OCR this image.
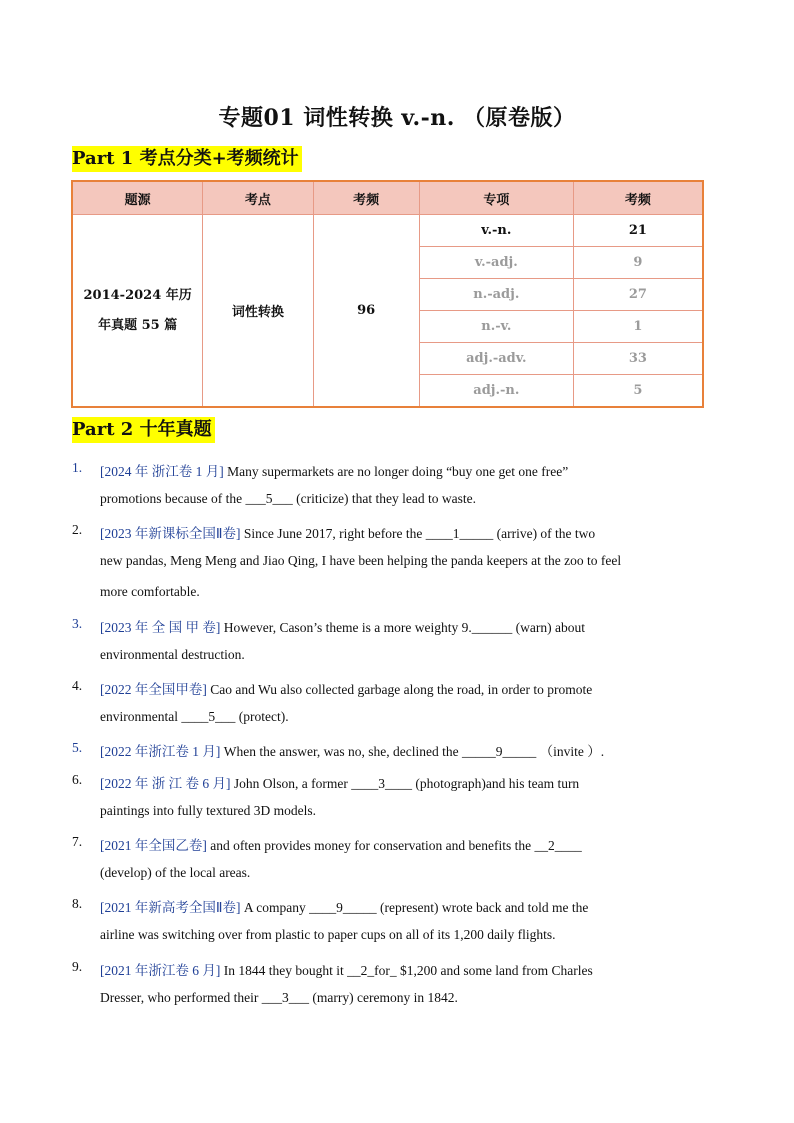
专题01 词性转换 v.-n. （原卷版）
Part 1 考点分类+考频统计
题源	考点	考频	专项	考频

2014-2024 年历
年真题 55 篇	词性转换	96	v.-n.	21
			v.-adj.	9
			n.-adj.	27
			n.-v.	1
			adj.-adv.	33
			adj.-n.	5
Part 2 十年真题
1.	[2024 年 浙江卷 1 月] Many supermarkets are no longer doing “buy one get one free”
promotions because of the ___5___ (criticize) that they lead to waste.
2.	[2023 年新课标全国Ⅱ卷] Since June 2017, right before the ____1_____ (arrive) of the two
new pandas, Meng Meng and Jiao Qing, I have been helping the panda keepers at the zoo to feel
more comfortable.
3.	[2023 年 全 国 甲 卷] However, Cason’s theme is a more weighty 9.______ (warn) about
environmental destruction.
4.	[2022 年全国甲卷] Cao and Wu also collected garbage along the road, in order to promote
environmental ____5___ (protect).
5.	[2022 年浙江卷 1 月] When the answer, was no, she, declined the _____9_____ （invite ）.
6.	[2022 年 浙 江 卷 6 月] John Olson, a former ____3____ (photograph)and his team turn
paintings into fully textured 3D models.
7.	[2021 年全国乙卷] and often provides money for conservation and benefits the __2____
(develop) of the local areas.
8.	[2021 年新高考全国Ⅱ卷] A company ____9_____ (represent) wrote back and told me the
airline was switching over from plastic to paper cups on all of its 1,200 daily flights.
9.	[2021 年浙江卷 6 月] In 1844 they bought it __2_for_ $1,200 and some land from Charles
Dresser, who performed their ___3___ (marry) ceremony in 1842.
